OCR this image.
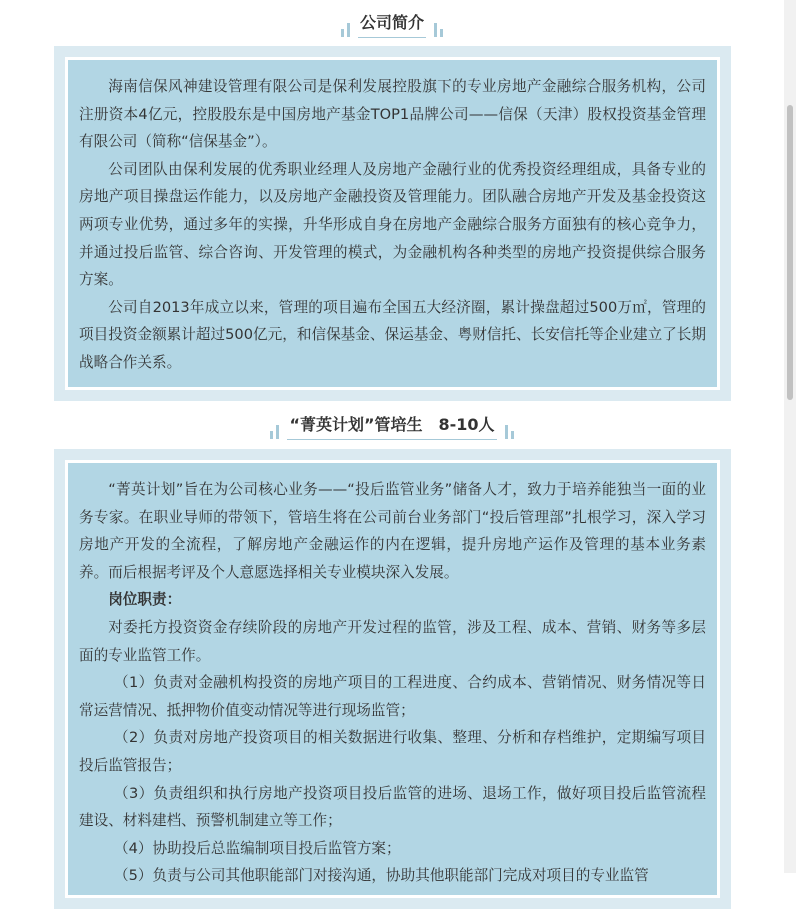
公司简介

海南信保风神建设管理有限公司是保利发展控股旗下的专业房地产金融综合服务机构，公司注册资本4亿元，控股股东是中国房地产基金TOP1品牌公司——信保（天津）股权投资基金管理有限公司（简称“信保基金”）。

公司团队由保利发展的优秀职业经理人及房地产金融行业的优秀投资经理组成，具备专业的房地产项目操盘运作能力，以及房地产金融投资及管理能力。团队融合房地产开发及基金投资这两项专业优势，通过多年的实操，升华形成自身在房地产金融综合服务方面独有的核心竞争力，并通过投后监管、综合咨询、开发管理的模式，为金融机构各种类型的房地产投资提供综合服务方案。

公司自2013年成立以来，管理的项目遍布全国五大经济圈，累计操盘超过500万㎡，管理的项目投资金额累计超过500亿元，和信保基金、保运基金、粤财信托、长安信托等企业建立了长期战略合作关系。

“菁英计划”管培生　8-10人

“菁英计划”旨在为公司核心业务——“投后监管业务”储备人才，致力于培养能独当一面的业务专家。在职业导师的带领下，管培生将在公司前台业务部门“投后管理部”扎根学习，深入学习房地产开发的全流程，了解房地产金融运作的内在逻辑，提升房地产运作及管理的基本业务素养。而后根据考评及个人意愿选择相关专业模块深入发展。

岗位职责：

对委托方投资资金存续阶段的房地产开发过程的监管，涉及工程、成本、营销、财务等多层面的专业监管工作。

（1）负责对金融机构投资的房地产项目的工程进度、合约成本、营销情况、财务情况等日常运营情况、抵押物价值变动情况等进行现场监管；

（2）负责对房地产投资项目的相关数据进行收集、整理、分析和存档维护，定期编写项目投后监管报告；

（3）负责组织和执行房地产投资项目投后监管的进场、退场工作，做好项目投后监管流程建设、材料建档、预警机制建立等工作；

（4）协助投后总监编制项目投后监管方案；

（5）负责与公司其他职能部门对接沟通，协助其他职能部门完成对项目的专业监管
